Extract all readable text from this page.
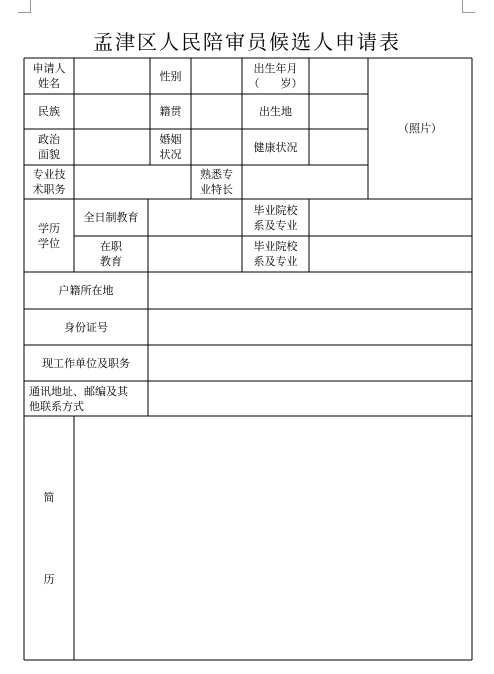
孟津区人民陪审员候选人申请表
申请人
姓名
性别
出生年月
（      岁）
（照片）
民族	籍贯	出生地
政治
面貌
婚姻
状况
健康状况
专业技
术职务
熟悉专
业特长
学历
学位
全日制教育
毕业院校
系及专业
在职
教育
毕业院校
系及专业
户籍所在地
身份证号
现工作单位及职务
通讯地址、邮编及其
他联系方式
简
历
